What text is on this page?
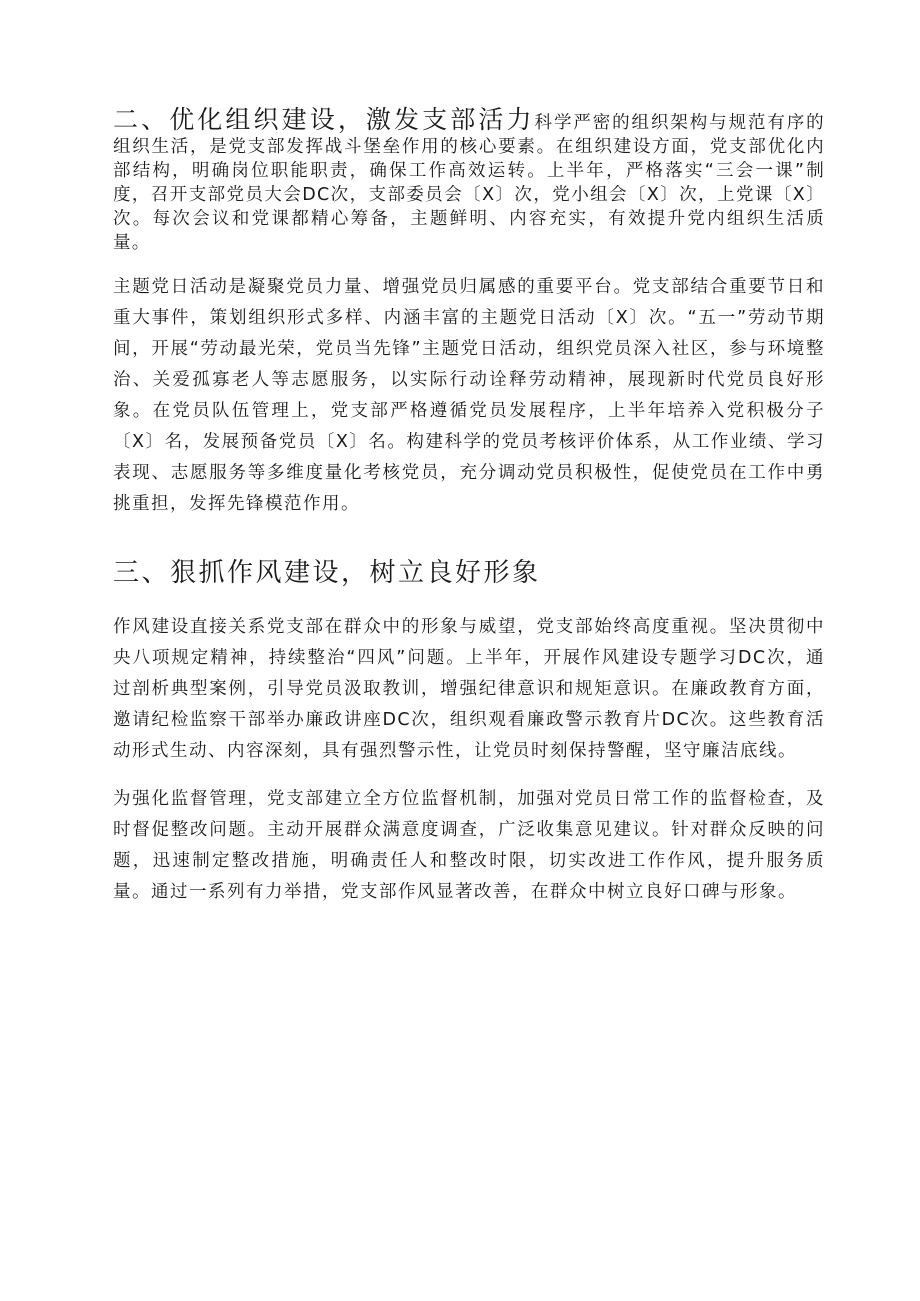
二、优化组织建设，激发支部活力科学严密的组织架构与规范有序的组织生活，是党支部发挥战斗堡垒作用的核心要素。在组织建设方面，党支部优化内部结构，明确岗位职能职责，确保工作高效运转。上半年，严格落实“三会一课”制度，召开支部党员大会DC次，支部委员会〔X〕次，党小组会〔X〕次，上党课〔X〕次。每次会议和党课都精心筹备，主题鲜明、内容充实，有效提升党内组织生活质量。

主题党日活动是凝聚党员力量、增强党员归属感的重要平台。党支部结合重要节日和重大事件，策划组织形式多样、内涵丰富的主题党日活动〔X〕次。“五一”劳动节期间，开展“劳动最光荣，党员当先锋”主题党日活动，组织党员深入社区，参与环境整治、关爱孤寡老人等志愿服务，以实际行动诠释劳动精神，展现新时代党员良好形象。在党员队伍管理上，党支部严格遵循党员发展程序，上半年培养入党积极分子〔X〕名，发展预备党员〔X〕名。构建科学的党员考核评价体系，从工作业绩、学习表现、志愿服务等多维度量化考核党员，充分调动党员积极性，促使党员在工作中勇挑重担，发挥先锋模范作用。

三、狠抓作风建设，树立良好形象

作风建设直接关系党支部在群众中的形象与威望，党支部始终高度重视。坚决贯彻中央八项规定精神，持续整治“四风”问题。上半年，开展作风建设专题学习DC次，通过剖析典型案例，引导党员汲取教训，增强纪律意识和规矩意识。在廉政教育方面，邀请纪检监察干部举办廉政讲座DC次，组织观看廉政警示教育片DC次。这些教育活动形式生动、内容深刻，具有强烈警示性，让党员时刻保持警醒，坚守廉洁底线。

为强化监督管理，党支部建立全方位监督机制，加强对党员日常工作的监督检查，及时督促整改问题。主动开展群众满意度调查，广泛收集意见建议。针对群众反映的问题，迅速制定整改措施，明确责任人和整改时限，切实改进工作作风，提升服务质量。通过一系列有力举措，党支部作风显著改善，在群众中树立良好口碑与形象。
